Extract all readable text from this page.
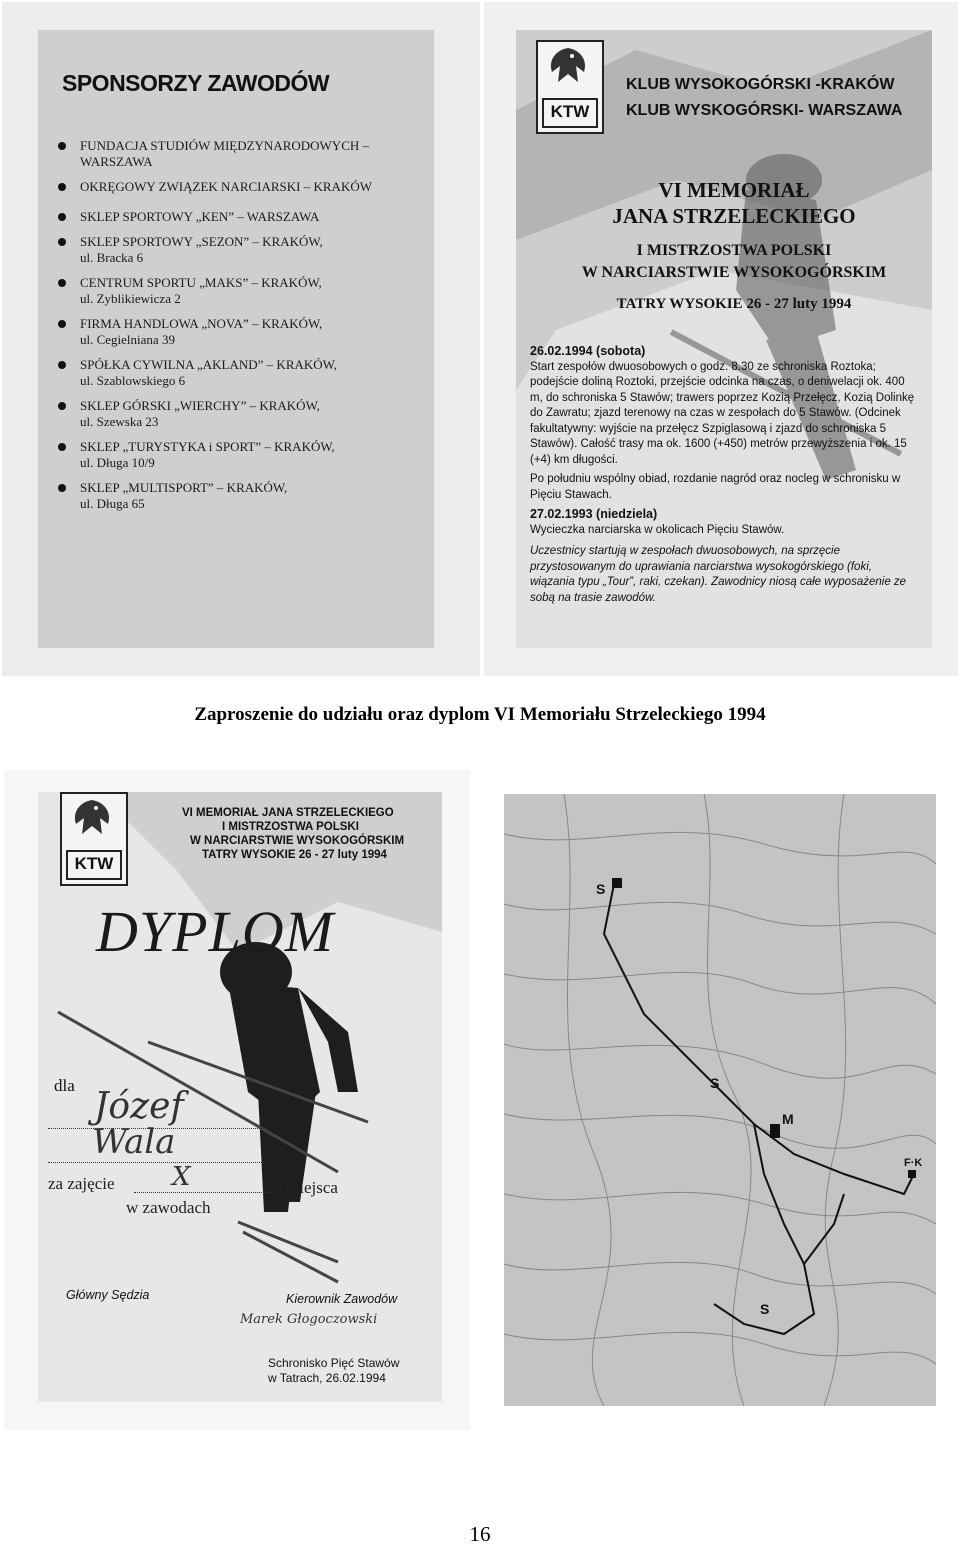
SPONSORZY ZAWODÓW
FUNDACJA STUDIÓW MIĘDZYNARODOWYCH – WARSZAWA
OKRĘGOWY ZWIĄZEK NARCIARSKI – KRAKÓW
SKLEP SPORTOWY „KEN” – WARSZAWA
SKLEP SPORTOWY „SEZON” – KRAKÓW,
ul. Bracka 6
CENTRUM SPORTU „MAKS” – KRAKÓW,
ul. Zyblikiewicza 2
FIRMA HANDLOWA „NOVA” – KRAKÓW,
ul. Cegielniana 39
SPÓŁKA CYWILNA „AKLAND” – KRAKÓW,
ul. Szablowskiego 6
SKLEP GÓRSKI „WIERCHY” – KRAKÓW,
ul. Szewska 23
SKLEP „TURYSTYKA i SPORT” – KRAKÓW,
ul. Długa 10/9
SKLEP „MULTISPORT” – KRAKÓW,
ul. Długa 65
KTW
KLUB WYSOKOGÓRSKI -KRAKÓW
KLUB WYSKOGÓRSKI- WARSZAWA
VI MEMORIAŁ
JANA STRZELECKIEGO
I MISTRZOSTWA POLSKI
W NARCIARSTWIE WYSOKOGÓRSKIM
TATRY WYSOKIE 26 - 27 luty 1994
26.02.1994 (sobota)

Start zespołów dwuosobowych o godz. 8.30 ze schroniska Roztoka; podejście doliną Roztoki, przejście odcinka na czas, o deniwelacji ok. 400 m, do schroniska 5 Stawów; trawers poprzez Kozią Przełęcz, Kozią Dolinkę do Zawratu; zjazd terenowy na czas w zespołach do 5 Stawów. (Odcinek fakultatywny: wyjście na przełęcz Szpiglasową i zjazd do schroniska 5 Stawów). Całość trasy ma ok. 1600 (+450) metrów przewyższenia i ok. 15 (+4) km długości.

Po południu wspólny obiad, rozdanie nagród oraz nocleg w schronisku w Pięciu Stawach.

27.02.1993 (niedziela)

Wycieczka narciarska w okolicach Pięciu Stawów.

Uczestnicy startują w zespołach dwuosobowych, na sprzęcie przystosowanym do uprawiania narciarstwa wysokogórskiego (foki, wiązania typu „Tour”, raki, czekan). Zawodnicy niosą całe wyposażenie ze sobą na trasie zawodów.

Zaproszenie do udziału oraz dyplom VI Memoriału Strzeleckiego 1994
KTW
VI MEMORIAŁ JANA STRZELECKIEGO
I MISTRZOSTWA POLSKI
W NARCIARSTWIE WYSOKOGÓRSKIM
TATRY WYSOKIE 26 - 27 luty 1994
DYPLOM
dla
Józef
Wala
za zajęcie X	miejsca
w zawodach
Główny Sędzia	Kierownik Zawodów
Marek Głogoczowski
Schronisko Pięć Stawów
w Tatrach, 26.02.1994
S
S
M
S
F·K
16
